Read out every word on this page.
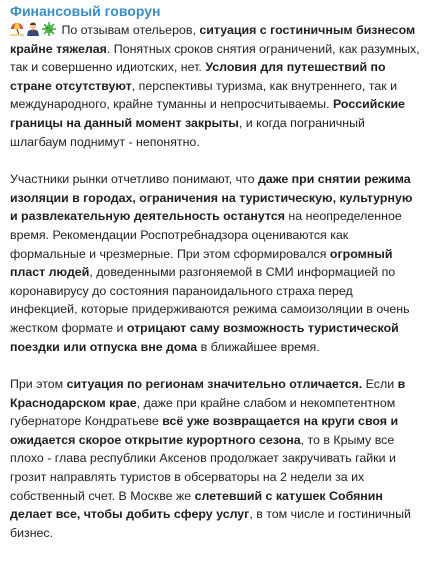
Финансовый говорун

По отзывам отельеров, ситуация с гостиничным бизнесом крайне тяжелая. Понятных сроков снятия ограничений, как разумных, так и совершенно идиотских, нет. Условия для путешествий по стране отсутствуют, перспективы туризма, как внутреннего, так и международного, крайне туманны и непросчитываемы. Российские границы на данный момент закрыты, и когда пограничный шлагбаум поднимут - непонятно.

Участники рынки отчетливо понимают, что даже при снятии режима изоляции в городах, ограничения на туристическую, культурную и развлекательную деятельность останутся на неопределенное время. Рекомендации Роспотребнадзора оцениваются как формальные и чрезмерные. При этом сформировался огромный пласт людей, доведенными разгоняемой в СМИ информацией по коронавирусу до состояния параноидального страха перед инфекцией, которые придерживаются режима самоизоляции в очень жестком формате и отрицают саму возможность туристической поездки или отпуска вне дома в ближайшее время.

При этом ситуация по регионам значительно отличается. Если в Краснодарском крае, даже при крайне слабом и некомпетентном губернаторе Кондратьеве всё уже возвращается на круги своя и ожидается скорое открытие курортного сезона, то в Крыму все плохо - глава республики Аксенов продолжает закручивать гайки и грозит направлять туристов в обсерваторы на 2 недели за их собственный счет. В Москве же слетевший с катушек Собянин делает все, чтобы добить сферу услуг, в том числе и гостиничный бизнес.
